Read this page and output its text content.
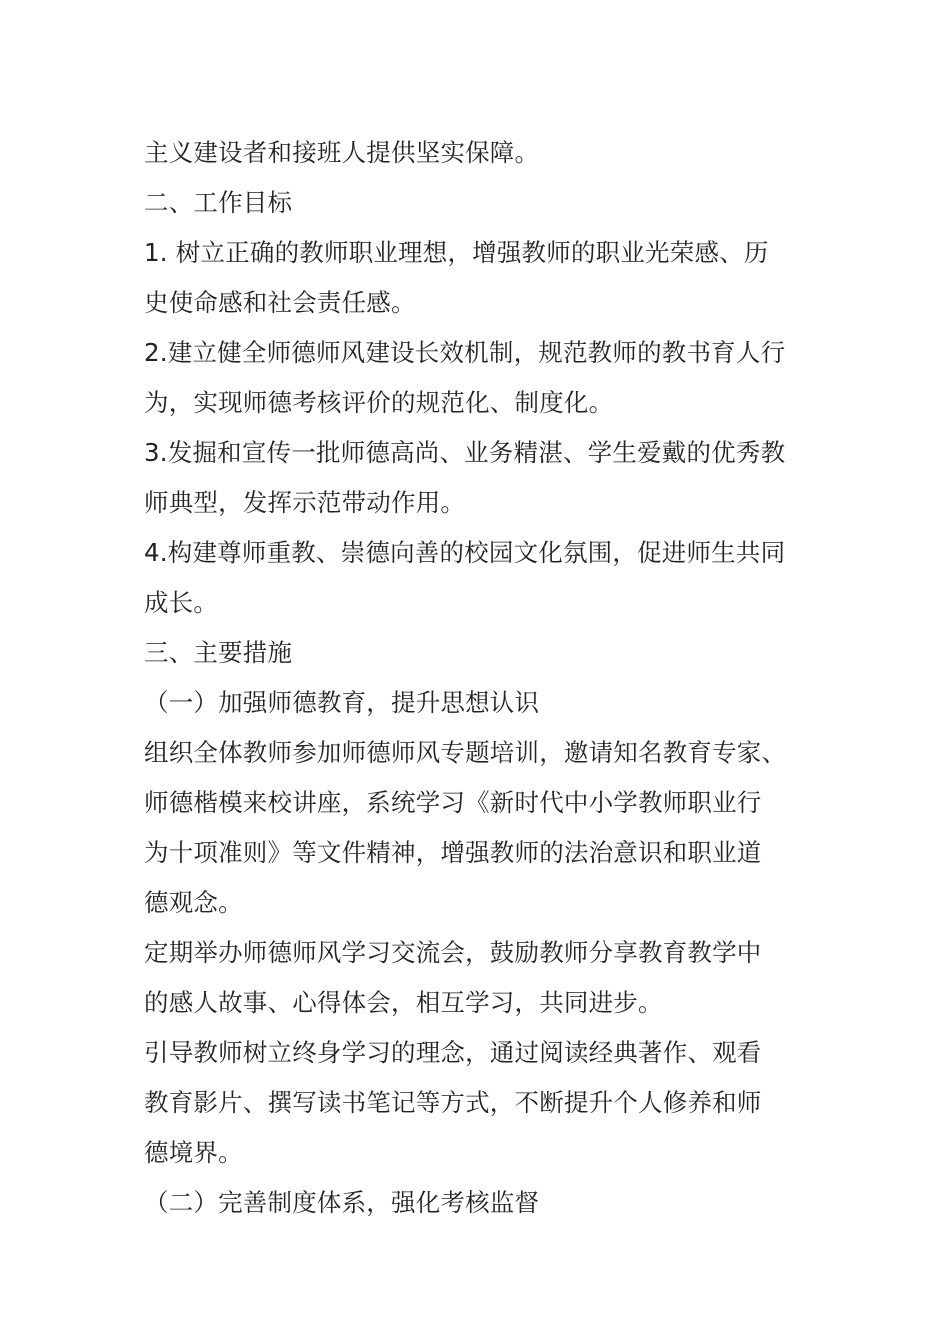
主义建设者和接班人提供坚实保障。

二、工作目标

1. 树立正确的教师职业理想，增强教师的职业光荣感、历

史使命感和社会责任感。

2.建立健全师德师风建设长效机制，规范教师的教书育人行

为，实现师德考核评价的规范化、制度化。

3.发掘和宣传一批师德高尚、业务精湛、学生爱戴的优秀教

师典型，发挥示范带动作用。

4.构建尊师重教、崇德向善的校园文化氛围，促进师生共同

成长。

三、主要措施

（一）加强师德教育，提升思想认识

组织全体教师参加师德师风专题培训，邀请知名教育专家、

师德楷模来校讲座，系统学习《新时代中小学教师职业行

为十项准则》等文件精神，增强教师的法治意识和职业道

德观念。

定期举办师德师风学习交流会，鼓励教师分享教育教学中

的感人故事、心得体会，相互学习，共同进步。

引导教师树立终身学习的理念，通过阅读经典著作、观看

教育影片、撰写读书笔记等方式，不断提升个人修养和师

德境界。

（二）完善制度体系，强化考核监督
